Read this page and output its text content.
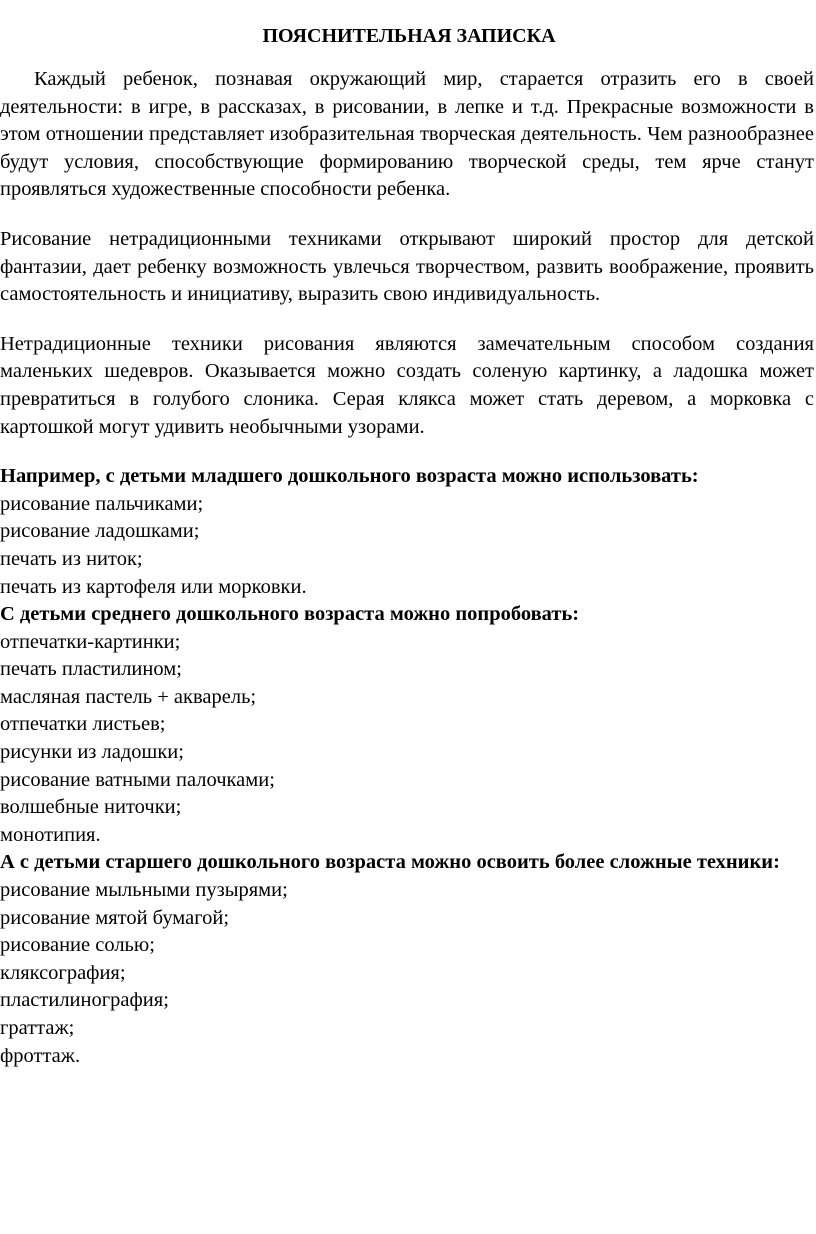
ПОЯСНИТЕЛЬНАЯ ЗАПИСКА

Каждый ребенок, познавая окружающий мир, старается отразить его в своей деятельности: в игре, в рассказах, в рисовании, в лепке и т.д. Прекрасные возможности в этом отношении представляет изобразительная творческая деятельность. Чем разнообразнее будут условия, способствующие формированию творческой среды, тем ярче станут проявляться художественные способности ребенка.

Рисование нетрадиционными техниками открывают широкий простор для детской фантазии, дает ребенку возможность увлечься творчеством, развить воображение, проявить самостоятельность и инициативу, выразить свою индивидуальность.

Нетрадиционные техники рисования являются замечательным способом создания маленьких шедевров. Оказывается можно создать соленую картинку, а ладошка может превратиться в голубого слоника. Серая клякса может стать деревом, а морковка с картошкой могут удивить необычными узорами.

Например, с детьми младшего дошкольного возраста можно использовать:

рисование пальчиками;
рисование ладошками;
печать из ниток;
печать из картофеля или морковки.

С детьми среднего дошкольного возраста можно попробовать:

отпечатки-картинки;
печать пластилином;
масляная пастель + акварель;
отпечатки листьев;
рисунки из ладошки;
рисование ватными палочками;
волшебные ниточки;
монотипия.

А с детьми старшего дошкольного возраста можно освоить более сложные техники:

рисование мыльными пузырями;
рисование мятой бумагой;
рисование солью;
кляксография;
пластилинография;
граттаж;
фроттаж.
